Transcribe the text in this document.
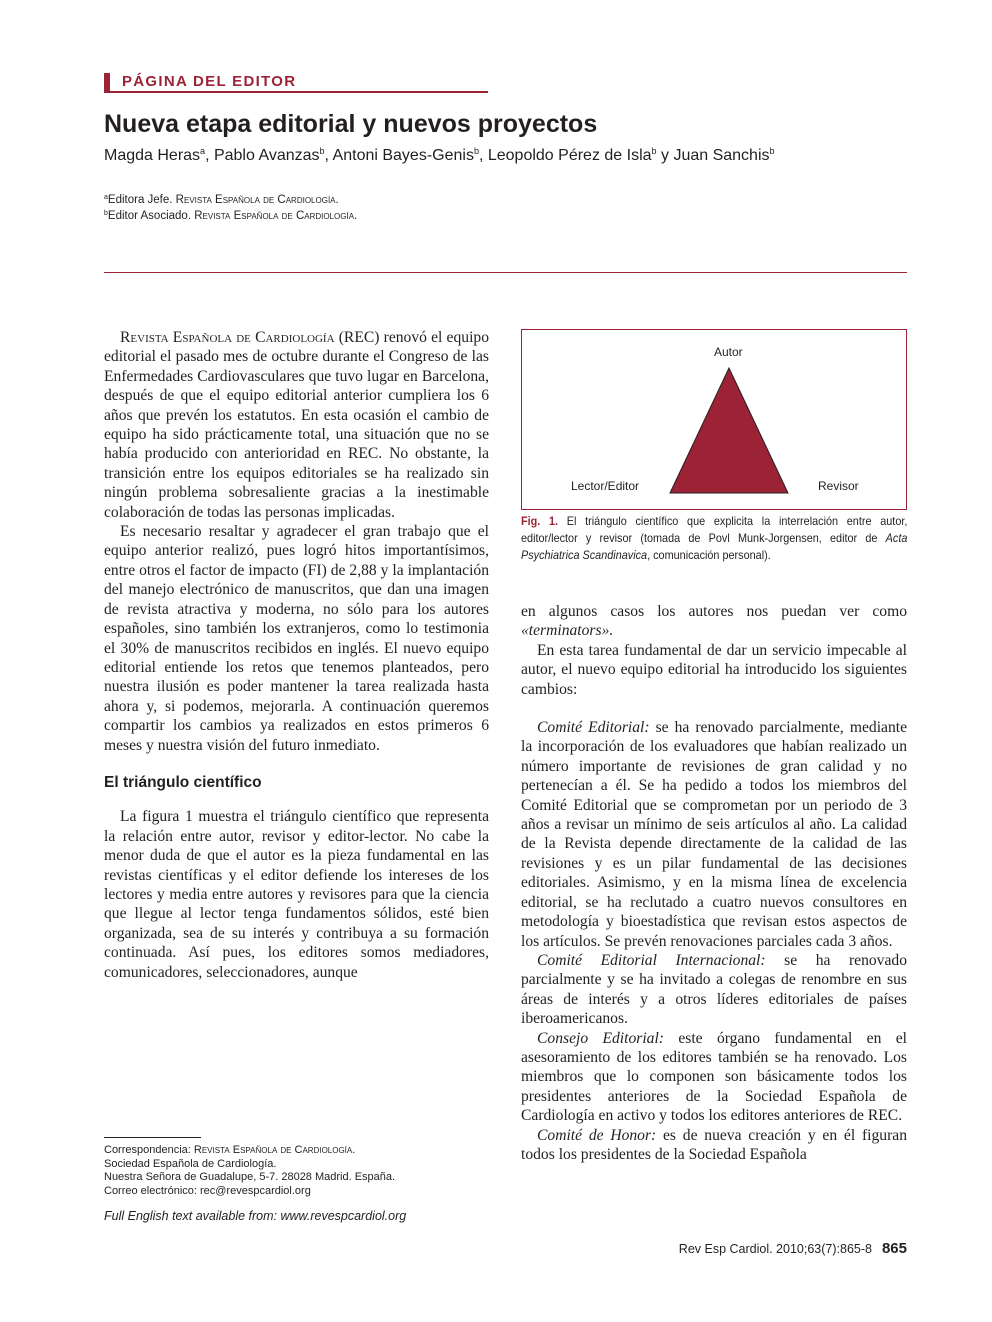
PÁGINA DEL EDITOR
Nueva etapa editorial y nuevos proyectos
Magda Heras$^a$, Pablo Avanzas$^b$, Antoni Bayes-Genis$^b$, Leopoldo Pérez de Isla$^b$ y Juan Sanchis$^b$
$^a$Editora Jefe. Revista Española de Cardiología.
$^b$Editor Asociado. Revista Española de Cardiología.

Revista Española de Cardiología (REC) renovó el equipo editorial el pasado mes de octubre durante el Congreso de las Enfermedades Cardiovasculares que tuvo lugar en Barcelona, después de que el equipo editorial anterior cumpliera los 6 años que prevén los estatutos. En esta ocasión el cambio de equipo ha sido prácticamente total, una situación que no se había producido con anterioridad en REC. No obstante, la transición entre los equipos editoriales se ha realizado sin ningún problema sobresaliente gracias a la inestimable colaboración de todas las personas implicadas.

Es necesario resaltar y agradecer el gran trabajo que el equipo anterior realizó, pues logró hitos importantísimos, entre otros el factor de impacto (FI) de 2,88 y la implantación del manejo electrónico de manuscritos, que dan una imagen de revista atractiva y moderna, no sólo para los autores españoles, sino también los extranjeros, como lo testimonia el 30% de manuscritos recibidos en inglés. El nuevo equipo editorial entiende los retos que tenemos planteados, pero nuestra ilusión es poder mantener la tarea realizada hasta ahora y, si podemos, mejorarla. A continuación queremos compartir los cambios ya realizados en estos primeros 6 meses y nuestra visión del futuro inmediato.

El triángulo científico

La figura 1 muestra el triángulo científico que representa la relación entre autor, revisor y editor-lector. No cabe la menor duda de que el autor es la pieza fundamental en las revistas científicas y el editor defiende los intereses de los lectores y media entre autores y revisores para que la ciencia que llegue al lector tenga fundamentos sólidos, esté bien organizada, sea de su interés y contribuya a su formación continuada. Así pues, los editores somos mediadores, comunicadores, seleccionadores, aunque

Autor
Lector/Editor	Revisor
Fig. 1. El triángulo científico que explicita la interrelación entre autor, editor/lector y revisor (tomada de Povl Munk-Jorgensen, editor de Acta Psychiatrica Scandinavica, comunicación personal).

en algunos casos los autores nos puedan ver como «terminators».

En esta tarea fundamental de dar un servicio impecable al autor, el nuevo equipo editorial ha introducido los siguientes cambios:

Comité Editorial: se ha renovado parcialmente, mediante la incorporación de los evaluadores que habían realizado un número importante de revisiones de gran calidad y no pertenecían a él. Se ha pedido a todos los miembros del Comité Editorial que se comprometan por un periodo de 3 años a revisar un mínimo de seis artículos al año. La calidad de la Revista depende directamente de la calidad de las revisiones y es un pilar fundamental de las decisiones editoriales. Asimismo, y en la misma línea de excelencia editorial, se ha reclutado a cuatro nuevos consultores en metodología y bioestadística que revisan estos aspectos de los artículos. Se prevén renovaciones parciales cada 3 años.

Comité Editorial Internacional: se ha renovado parcialmente y se ha invitado a colegas de renombre en sus áreas de interés y a otros líderes editoriales de países iberoamericanos.

Consejo Editorial: este órgano fundamental en el asesoramiento de los editores también se ha renovado. Los miembros que lo componen son básicamente todos los presidentes anteriores de la Sociedad Española de Cardiología en activo y todos los editores anteriores de REC.

Comité de Honor: es de nueva creación y en él figuran todos los presidentes de la Sociedad Española

Correspondencia: Revista Española de Cardiología.
Sociedad Española de Cardiología.
Nuestra Señora de Guadalupe, 5-7. 28028 Madrid. España.
Correo electrónico: rec@revespcardiol.org
Full English text available from: www.revespcardiol.org
Rev Esp Cardiol. 2010;63(7):865-8 865
